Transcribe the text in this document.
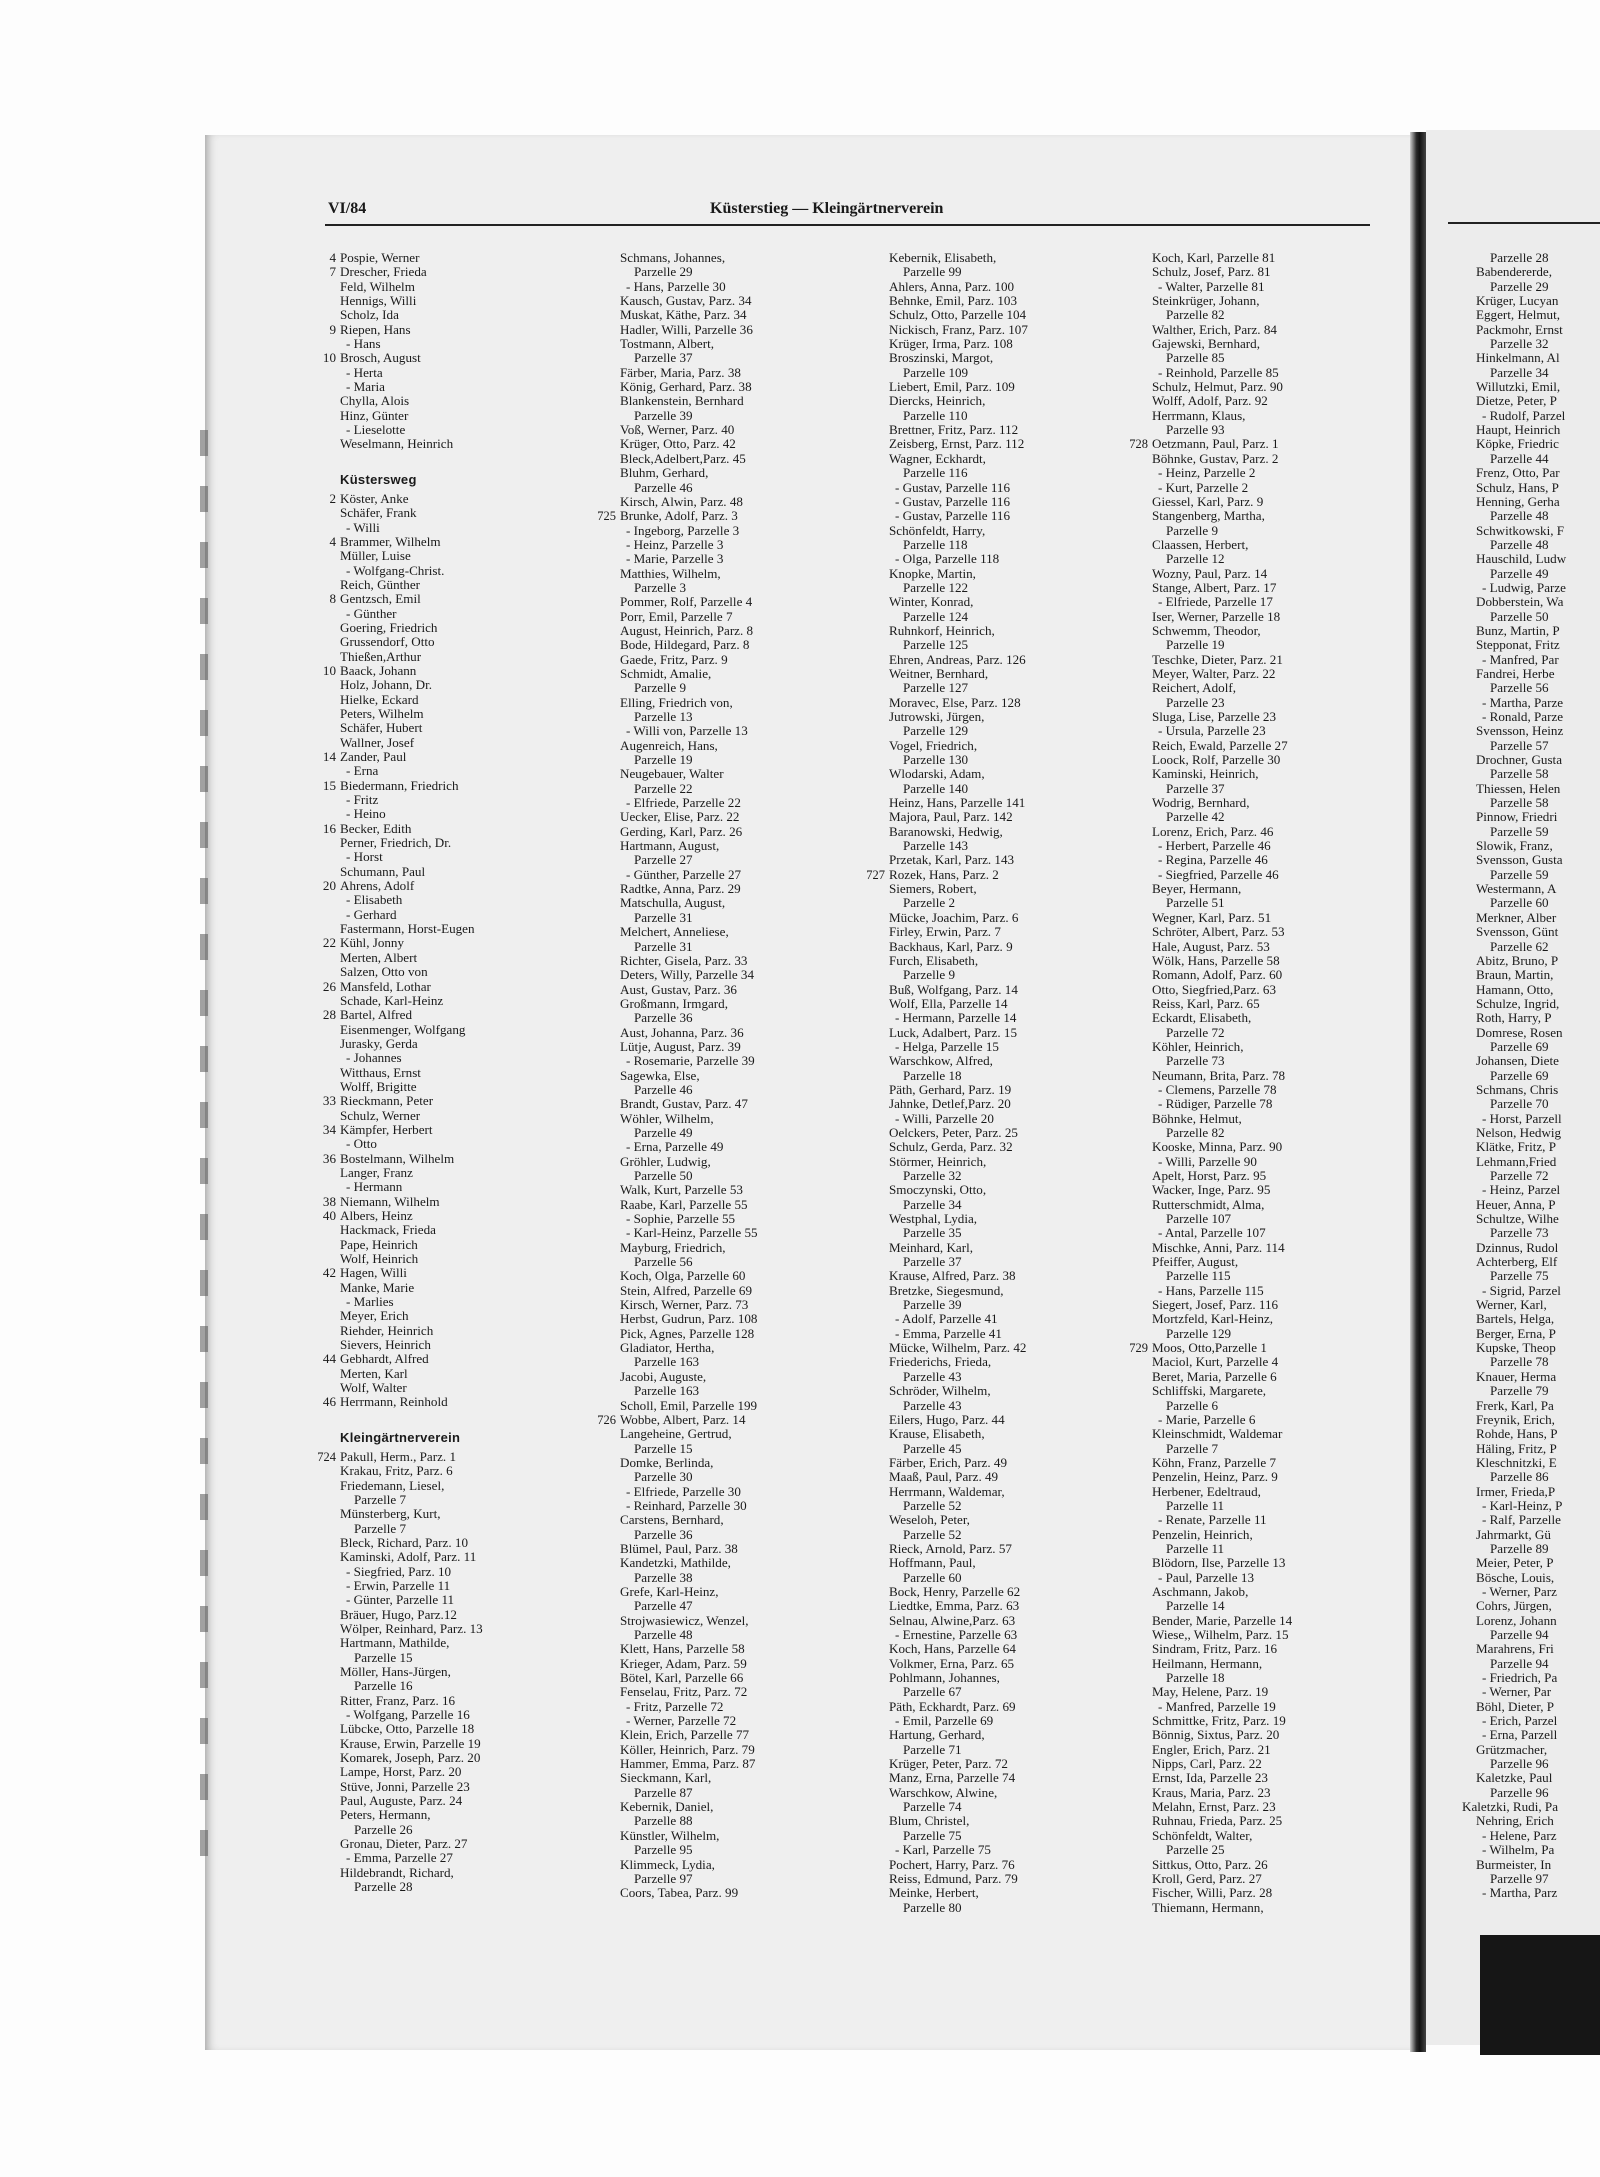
VI/84	Küsterstieg — Kleingärtnerverein
4 Pospie, Werner
7 Drescher, Frieda
Feld, Wilhelm
Hennigs, Willi
Scholz, Ida
9 Riepen, Hans
- Hans
10 Brosch, August
- Herta
- Maria
Chylla, Alois
Hinz, Günter
- Lieselotte
Weselmann, Heinrich
Küstersweg
2 Köster, Anke
Schäfer, Frank
- Willi
4 Brammer, Wilhelm
Müller, Luise
- Wolfgang-Christ.
Reich, Günther
8 Gentzsch, Emil
- Günther
Goering, Friedrich
Grussendorf, Otto
Thießen,Arthur
10 Baack, Johann
Holz, Johann, Dr.
Hielke, Eckard
Peters, Wilhelm
Schäfer, Hubert
Wallner, Josef
14 Zander, Paul
- Erna
15 Biedermann, Friedrich
- Fritz
- Heino
16 Becker, Edith
Perner, Friedrich, Dr.
- Horst
Schumann, Paul
20 Ahrens, Adolf
- Elisabeth
- Gerhard
Fastermann, Horst-Eugen
22 Kühl, Jonny
Merten, Albert
Salzen, Otto von
26 Mansfeld, Lothar
Schade, Karl-Heinz
28 Bartel, Alfred
Eisenmenger, Wolfgang
Jurasky, Gerda
- Johannes
Witthaus, Ernst
Wolff, Brigitte
33 Rieckmann, Peter
Schulz, Werner
34 Kämpfer, Herbert
- Otto
36 Bostelmann, Wilhelm
Langer, Franz
- Hermann
38 Niemann, Wilhelm
40 Albers, Heinz
Hackmack, Frieda
Pape, Heinrich
Wolf, Heinrich
42 Hagen, Willi
Manke, Marie
- Marlies
Meyer, Erich
Riehder, Heinrich
Sievers, Heinrich
44 Gebhardt, Alfred
Merten, Karl
Wolf, Walter
46 Herrmann, Reinhold
Kleingärtnerverein
724 Pakull, Herm., Parz. 1
Krakau, Fritz, Parz. 6
Friedemann, Liesel,
Parzelle 7
Münsterberg, Kurt,
Parzelle 7
Bleck, Richard, Parz. 10
Kaminski, Adolf, Parz. 11
- Siegfried, Parz. 10
- Erwin, Parzelle 11
- Günter, Parzelle 11
Bräuer, Hugo, Parz.12
Wölper, Reinhard, Parz. 13
Hartmann, Mathilde,
Parzelle 15
Möller, Hans-Jürgen,
Parzelle 16
Ritter, Franz, Parz. 16
- Wolfgang, Parzelle 16
Lübcke, Otto, Parzelle 18
Krause, Erwin, Parzelle 19
Komarek, Joseph, Parz. 20
Lampe, Horst, Parz. 20
Stüve, Jonni, Parzelle 23
Paul, Auguste, Parz. 24
Peters, Hermann,
Parzelle 26
Gronau, Dieter, Parz. 27
- Emma, Parzelle 27
Hildebrandt, Richard,
Parzelle 28
Schmans, Johannes,
Parzelle 29
- Hans, Parzelle 30
Kausch, Gustav, Parz. 34
Muskat, Käthe, Parz. 34
Hadler, Willi, Parzelle 36
Tostmann, Albert,
Parzelle 37
Färber, Maria, Parz. 38
König, Gerhard, Parz. 38
Blankenstein, Bernhard
Parzelle 39
Voß, Werner, Parz. 40
Krüger, Otto, Parz. 42
Bleck,Adelbert,Parz. 45
Bluhm, Gerhard,
Parzelle 46
Kirsch, Alwin, Parz. 48
725 Brunke, Adolf, Parz. 3
- Ingeborg, Parzelle 3
- Heinz, Parzelle 3
- Marie, Parzelle 3
Matthies, Wilhelm,
Parzelle 3
Pommer, Rolf, Parzelle 4
Porr, Emil, Parzelle 7
August, Heinrich, Parz. 8
Bode, Hildegard, Parz. 8
Gaede, Fritz, Parz. 9
Schmidt, Amalie,
Parzelle 9
Elling, Friedrich von,
Parzelle 13
- Willi von, Parzelle 13
Augenreich, Hans,
Parzelle 19
Neugebauer, Walter
Parzelle 22
- Elfriede, Parzelle 22
Uecker, Elise, Parz. 22
Gerding, Karl, Parz. 26
Hartmann, August,
Parzelle 27
- Günther, Parzelle 27
Radtke, Anna, Parz. 29
Matschulla, August,
Parzelle 31
Melchert, Anneliese,
Parzelle 31
Richter, Gisela, Parz. 33
Deters, Willy, Parzelle 34
Aust, Gustav, Parz. 36
Großmann, Irmgard,
Parzelle 36
Aust, Johanna, Parz. 36
Lütje, August, Parz. 39
- Rosemarie, Parzelle 39
Sagewka, Else,
Parzelle 46
Brandt, Gustav, Parz. 47
Wöhler, Wilhelm,
Parzelle 49
- Erna, Parzelle 49
Gröhler, Ludwig,
Parzelle 50
Walk, Kurt, Parzelle 53
Raabe, Karl, Parzelle 55
- Sophie, Parzelle 55
- Karl-Heinz, Parzelle 55
Mayburg, Friedrich,
Parzelle 56
Koch, Olga, Parzelle 60
Stein, Alfred, Parzelle 69
Kirsch, Werner, Parz. 73
Herbst, Gudrun, Parz. 108
Pick, Agnes, Parzelle 128
Gladiator, Hertha,
Parzelle 163
Jacobi, Auguste,
Parzelle 163
Scholl, Emil, Parzelle 199
726 Wobbe, Albert, Parz. 14
Langeheine, Gertrud,
Parzelle 15
Domke, Berlinda,
Parzelle 30
- Elfriede, Parzelle 30
- Reinhard, Parzelle 30
Carstens, Bernhard,
Parzelle 36
Blümel, Paul, Parz. 38
Kandetzki, Mathilde,
Parzelle 38
Grefe, Karl-Heinz,
Parzelle 47
Strojwasiewicz, Wenzel,
Parzelle 48
Klett, Hans, Parzelle 58
Krieger, Adam, Parz. 59
Bötel, Karl, Parzelle 66
Fenselau, Fritz, Parz. 72
- Fritz, Parzelle 72
- Werner, Parzelle 72
Klein, Erich, Parzelle 77
Köller, Heinrich, Parz. 79
Hammer, Emma, Parz. 87
Sieckmann, Karl,
Parzelle 87
Kebernik, Daniel,
Parzelle 88
Künstler, Wilhelm,
Parzelle 95
Klimmeck, Lydia,
Parzelle 97
Coors, Tabea, Parz. 99
Kebernik, Elisabeth,
Parzelle 99
Ahlers, Anna, Parz. 100
Behnke, Emil, Parz. 103
Schulz, Otto, Parzelle 104
Nickisch, Franz, Parz. 107
Krüger, Irma, Parz. 108
Broszinski, Margot,
Parzelle 109
Liebert, Emil, Parz. 109
Diercks, Heinrich,
Parzelle 110
Brettner, Fritz, Parz. 112
Zeisberg, Ernst, Parz. 112
Wagner, Eckhardt,
Parzelle 116
- Gustav, Parzelle 116
- Gustav, Parzelle 116
- Gustav, Parzelle 116
Schönfeldt, Harry,
Parzelle 118
- Olga, Parzelle 118
Knopke, Martin,
Parzelle 122
Winter, Konrad,
Parzelle 124
Ruhnkorf, Heinrich,
Parzelle 125
Ehren, Andreas, Parz. 126
Weitner, Bernhard,
Parzelle 127
Moravec, Else, Parz. 128
Jutrowski, Jürgen,
Parzelle 129
Vogel, Friedrich,
Parzelle 130
Wlodarski, Adam,
Parzelle 140
Heinz, Hans, Parzelle 141
Majora, Paul, Parz. 142
Baranowski, Hedwig,
Parzelle 143
Przetak, Karl, Parz. 143
727 Rozek, Hans, Parz. 2
Siemers, Robert,
Parzelle 2
Mücke, Joachim, Parz. 6
Firley, Erwin, Parz. 7
Backhaus, Karl, Parz. 9
Furch, Elisabeth,
Parzelle 9
Buß, Wolfgang, Parz. 14
Wolf, Ella, Parzelle 14
- Hermann, Parzelle 14
Luck, Adalbert, Parz. 15
- Helga, Parzelle 15
Warschkow, Alfred,
Parzelle 18
Päth, Gerhard, Parz. 19
Jahnke, Detlef,Parz. 20
- Willi, Parzelle 20
Oelckers, Peter, Parz. 25
Schulz, Gerda, Parz. 32
Störmer, Heinrich,
Parzelle 32
Smoczynski, Otto,
Parzelle 34
Westphal, Lydia,
Parzelle 35
Meinhard, Karl,
Parzelle 37
Krause, Alfred, Parz. 38
Bretzke, Siegesmund,
Parzelle 39
- Adolf, Parzelle 41
- Emma, Parzelle 41
Mücke, Wilhelm, Parz. 42
Friederichs, Frieda,
Parzelle 43
Schröder, Wilhelm,
Parzelle 43
Eilers, Hugo, Parz. 44
Krause, Elisabeth,
Parzelle 45
Färber, Erich, Parz. 49
Maaß, Paul, Parz. 49
Herrmann, Waldemar,
Parzelle 52
Weseloh, Peter,
Parzelle 52
Rieck, Arnold, Parz. 57
Hoffmann, Paul,
Parzelle 60
Bock, Henry, Parzelle 62
Liedtke, Emma, Parz. 63
Selnau, Alwine,Parz. 63
- Ernestine, Parzelle 63
Koch, Hans, Parzelle 64
Volkmer, Erna, Parz. 65
Pohlmann, Johannes,
Parzelle 67
Päth, Eckhardt, Parz. 69
- Emil, Parzelle 69
Hartung, Gerhard,
Parzelle 71
Krüger, Peter, Parz. 72
Manz, Erna, Parzelle 74
Warschkow, Alwine,
Parzelle 74
Blum, Christel,
Parzelle 75
- Karl, Parzelle 75
Pochert, Harry, Parz. 76
Reiss, Edmund, Parz. 79
Meinke, Herbert,
Parzelle 80
Koch, Karl, Parzelle 81
Schulz, Josef, Parz. 81
- Walter, Parzelle 81
Steinkrüger, Johann,
Parzelle 82
Walther, Erich, Parz. 84
Gajewski, Bernhard,
Parzelle 85
- Reinhold, Parzelle 85
Schulz, Helmut, Parz. 90
Wolff, Adolf, Parz. 92
Herrmann, Klaus,
Parzelle 93
728 Oetzmann, Paul, Parz. 1
Böhnke, Gustav, Parz. 2
- Heinz, Parzelle 2
- Kurt, Parzelle 2
Giessel, Karl, Parz. 9
Stangenberg, Martha,
Parzelle 9
Claassen, Herbert,
Parzelle 12
Wozny, Paul, Parz. 14
Stange, Albert, Parz. 17
- Elfriede, Parzelle 17
Iser, Werner, Parzelle 18
Schwemm, Theodor,
Parzelle 19
Teschke, Dieter, Parz. 21
Meyer, Walter, Parz. 22
Reichert, Adolf,
Parzelle 23
Sluga, Lise, Parzelle 23
- Ursula, Parzelle 23
Reich, Ewald, Parzelle 27
Loock, Rolf, Parzelle 30
Kaminski, Heinrich,
Parzelle 37
Wodrig, Bernhard,
Parzelle 42
Lorenz, Erich, Parz. 46
- Herbert, Parzelle 46
- Regina, Parzelle 46
- Siegfried, Parzelle 46
Beyer, Hermann,
Parzelle 51
Wegner, Karl, Parz. 51
Schröter, Albert, Parz. 53
Hale, August, Parz. 53
Wölk, Hans, Parzelle 58
Romann, Adolf, Parz. 60
Otto, Siegfried,Parz. 63
Reiss, Karl, Parz. 65
Eckardt, Elisabeth,
Parzelle 72
Köhler, Heinrich,
Parzelle 73
Neumann, Brita, Parz. 78
- Clemens, Parzelle 78
- Rüdiger, Parzelle 78
Böhnke, Helmut,
Parzelle 82
Kooske, Minna, Parz. 90
- Willi, Parzelle 90
Apelt, Horst, Parz. 95
Wacker, Inge, Parz. 95
Rutterschmidt, Alma,
Parzelle 107
- Antal, Parzelle 107
Mischke, Anni, Parz. 114
Pfeiffer, August,
Parzelle 115
- Hans, Parzelle 115
Siegert, Josef, Parz. 116
Mortzfeld, Karl-Heinz,
Parzelle 129
729 Moos, Otto,Parzelle 1
Maciol, Kurt, Parzelle 4
Beret, Maria, Parzelle 6
Schliffski, Margarete,
Parzelle 6
- Marie, Parzelle 6
Kleinschmidt, Waldemar
Parzelle 7
Köhn, Franz, Parzelle 7
Penzelin, Heinz, Parz. 9
Herbener, Edeltraud,
Parzelle 11
- Renate, Parzelle 11
Penzelin, Heinrich,
Parzelle 11
Blödorn, Ilse, Parzelle 13
- Paul, Parzelle 13
Aschmann, Jakob,
Parzelle 14
Bender, Marie, Parzelle 14
Wiese,, Wilhelm, Parz. 15
Sindram, Fritz, Parz. 16
Heilmann, Hermann,
Parzelle 18
May, Helene, Parz. 19
- Manfred, Parzelle 19
Schmittke, Fritz, Parz. 19
Bönnig, Sixtus, Parz. 20
Engler, Erich, Parz. 21
Nipps, Carl, Parz. 22
Ernst, Ida, Parzelle 23
Kraus, Maria, Parz. 23
Melahn, Ernst, Parz. 23
Ruhnau, Frieda, Parz. 25
Schönfeldt, Walter,
Parzelle 25
Sittkus, Otto, Parz. 26
Kroll, Gerd, Parz. 27
Fischer, Willi, Parz. 28
Thiemann, Hermann,
Parzelle 28
Babendererde,
Parzelle 29
Krüger, Lucyan
Eggert, Helmut,
Packmohr, Ernst
Parzelle 32
Hinkelmann, Al
Parzelle 34
Willutzki, Emil,
Dietze, Peter, P
- Rudolf, Parzel
Haupt, Heinrich
Köpke, Friedric
Parzelle 44
Frenz, Otto, Par
Schulz, Hans, P
Henning, Gerha
Parzelle 48
Schwitkowski, F
Parzelle 48
Hauschild, Ludw
Parzelle 49
- Ludwig, Parze
Dobberstein, Wa
Parzelle 50
Bunz, Martin, P
Stepponat, Fritz
- Manfred, Par
Fandrei, Herbe
Parzelle 56
- Martha, Parze
- Ronald, Parze
Svensson, Heinz
Parzelle 57
Drochner, Gusta
Parzelle 58
Thiessen, Helen
Parzelle 58
Pinnow, Friedri
Parzelle 59
Slowik, Franz,
Svensson, Gusta
Parzelle 59
Westermann, A
Parzelle 60
Merkner, Alber
Svensson, Günt
Parzelle 62
Abitz, Bruno, P
Braun, Martin,
Hamann, Otto,
Schulze, Ingrid,
Roth, Harry, P
Domrese, Rosen
Parzelle 69
Johansen, Diete
Parzelle 69
Schmans, Chris
Parzelle 70
- Horst, Parzell
Nelson, Hedwig
Klätke, Fritz, P
Lehmann,Fried
Parzelle 72
- Heinz, Parzel
Heuer, Anna, P
Schultze, Wilhe
Parzelle 73
Dzinnus, Rudol
Achterberg, Elf
Parzelle 75
- Sigrid, Parzel
Werner, Karl,
Bartels, Helga,
Berger, Erna, P
Kupske, Theop
Parzelle 78
Knauer, Herma
Parzelle 79
Frerk, Karl, Pa
Freynik, Erich,
Rohde, Hans, P
Häling, Fritz, P
Kleschnitzki, E
Parzelle 86
Irmer, Frieda,P
- Karl-Heinz, P
- Ralf, Parzelle
Jahrmarkt, Gü
Parzelle 89
Meier, Peter, P
Bösche, Louis,
- Werner, Parz
Cohrs, Jürgen,
Lorenz, Johann
Parzelle 94
Marahrens, Fri
Parzelle 94
- Friedrich, Pa
- Werner, Par
Böhl, Dieter, P
- Erich, Parzel
- Erna, Parzell
Grützmacher,
Parzelle 96
Kaletzke, Paul
Parzelle 96
Kaletzki, Rudi, Pa
Nehring, Erich
- Helene, Parz
- Wilhelm, Pa
Burmeister, In
Parzelle 97
- Martha, Parz
